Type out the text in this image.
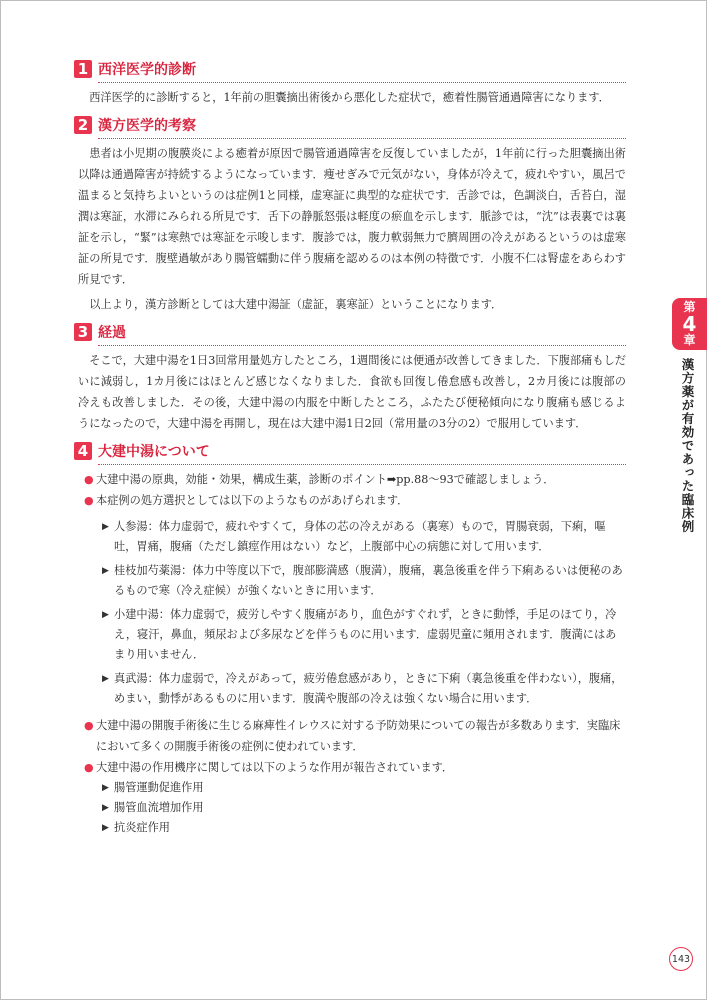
1 西洋医学的診断

西洋医学的に診断すると，1年前の胆囊摘出術後から悪化した症状で，癒着性腸管通過障害になります．

2 漢方医学的考察

患者は小児期の腹膜炎による癒着が原因で腸管通過障害を反復していましたが，1年前に行った胆囊摘出術以降は通過障害が持続するようになっています．痩せぎみで元気がない，身体が冷えて，疲れやすい，風呂で温まると気持ちよいというのは症例1と同様，虚寒証に典型的な症状です．舌診では，色調淡白，舌苔白，湿潤は寒証，水滞にみられる所見です．舌下の静脈怒張は軽度の瘀血を示します．脈診では，“沈”は表裏では裏証を示し，“緊”は寒熱では寒証を示唆します．腹診では，腹力軟弱無力で臍周囲の冷えがあるというのは虚寒証の所見です．腹壁過敏があり腸管蠕動に伴う腹痛を認めるのは本例の特徴です．小腹不仁は腎虚をあらわす所見です．

以上より，漢方診断としては大建中湯証（虚証，裏寒証）ということになります．

3 経過

そこで，大建中湯を1日3回常用量処方したところ，1週間後には便通が改善してきました．下腹部痛もしだいに減弱し，1カ月後にはほとんど感じなくなりました．食欲も回復し倦怠感も改善し，2カ月後には腹部の冷えも改善しました．その後，大建中湯の内服を中断したところ，ふたたび便秘傾向になり腹痛も感じるようになったので，大建中湯を再開し，現在は大建中湯1日2回（常用量の3分の2）で服用しています．

4 大建中湯について
● 大建中湯の原典，効能・効果，構成生薬，診断のポイント➡pp.88～93で確認しましょう．
● 本症例の処方選択としては以下のようなものがあげられます．
▶ 人参湯：体力虚弱で，疲れやすくて，身体の芯の冷えがある（裏寒）もので，胃腸衰弱，下痢，嘔吐，胃痛，腹痛（ただし鎮痙作用はない）など，上腹部中心の病態に対して用います．
▶ 桂枝加芍薬湯：体力中等度以下で，腹部膨満感（腹満），腹痛，裏急後重を伴う下痢あるいは便秘のあるもので寒（冷え症候）が強くないときに用います．
▶ 小建中湯：体力虚弱で，疲労しやすく腹痛があり，血色がすぐれず，ときに動悸，手足のほてり，冷え，寝汗，鼻血，頻尿および多尿などを伴うものに用います．虚弱児童に頻用されます．腹満にはあまり用いません．
▶ 真武湯：体力虚弱で，冷えがあって，疲労倦怠感があり，ときに下痢（裏急後重を伴わない），腹痛，めまい，動悸があるものに用います．腹満や腹部の冷えは強くない場合に用います．
● 大建中湯の開腹手術後に生じる麻痺性イレウスに対する予防効果についての報告が多数あります．実臨床において多くの開腹手術後の症例に使われています．
● 大建中湯の作用機序に関しては以下のような作用が報告されています．
▶ 腸管運動促進作用
▶ 腸管血流増加作用
▶ 抗炎症作用
第
4
章
漢方薬が有効であった臨床例
143
